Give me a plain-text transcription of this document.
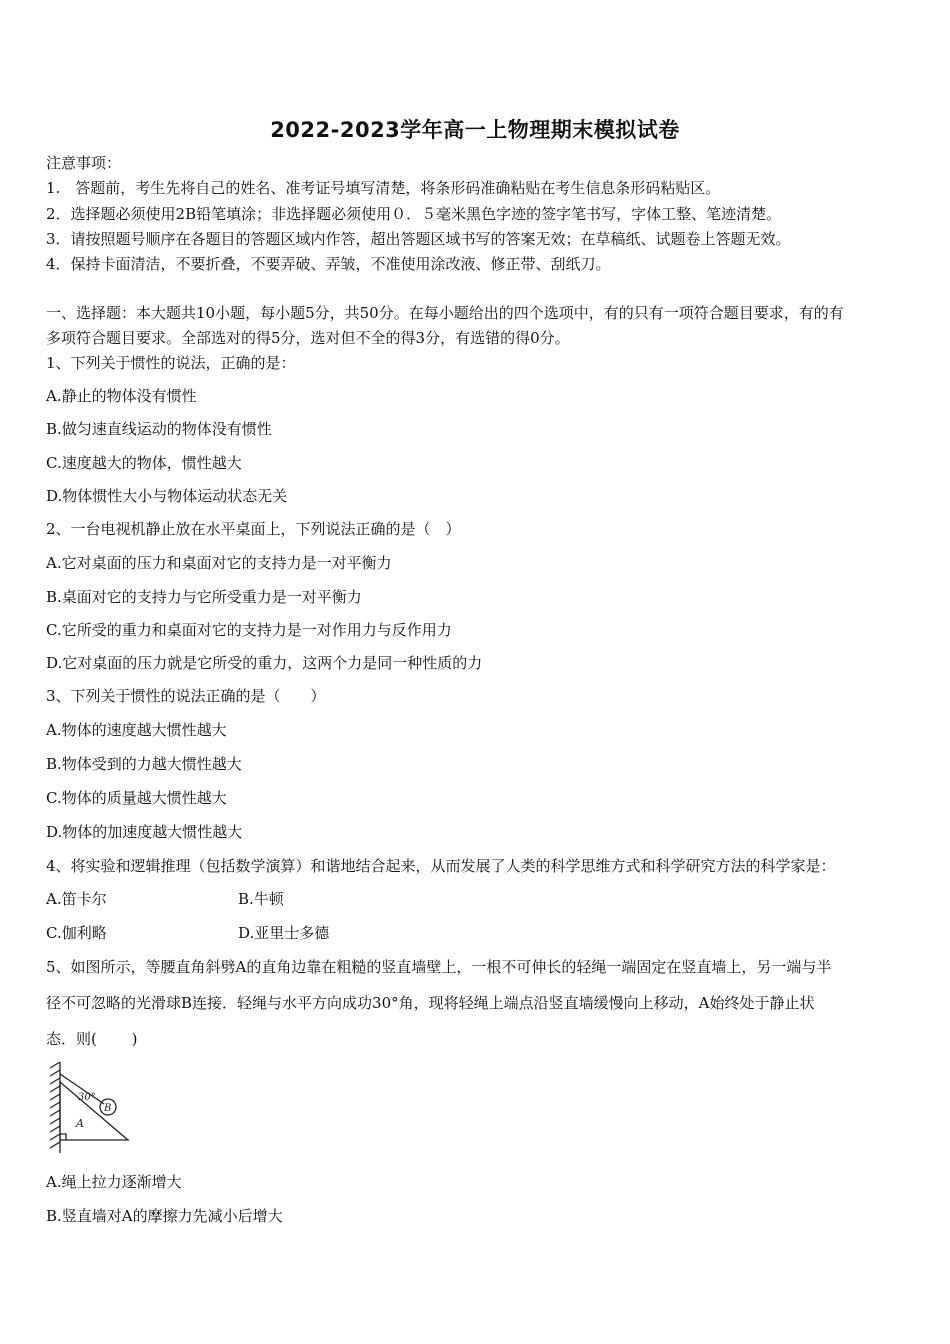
2022-2023学年高一上物理期末模拟试卷
注意事项：
1.　答题前，考生先将自己的姓名、准考证号填写清楚，将条形码准确粘贴在考生信息条形码粘贴区。
2．选择题必须使用2B铅笔填涂；非选择题必须使用０．５毫米黑色字迹的签字笔书写，字体工整、笔迹清楚。
3．请按照题号顺序在各题目的答题区域内作答，超出答题区域书写的答案无效；在草稿纸、试题卷上答题无效。
4．保持卡面清洁，不要折叠，不要弄破、弄皱，不准使用涂改液、修正带、刮纸刀。
一、选择题：本大题共10小题，每小题5分，共50分。在每小题给出的四个选项中，有的只有一项符合题目要求，有的有
多项符合题目要求。全部选对的得5分，选对但不全的得3分，有选错的得0分。
1、下列关于惯性的说法，正确的是：
A.静止的物体没有惯性
B.做匀速直线运动的物体没有惯性
C.速度越大的物体，惯性越大
D.物体惯性大小与物体运动状态无关
2、一台电视机静止放在水平桌面上，下列说法正确的是（　）
A.它对桌面的压力和桌面对它的支持力是一对平衡力
B.桌面对它的支持力与它所受重力是一对平衡力
C.它所受的重力和桌面对它的支持力是一对作用力与反作用力
D.它对桌面的压力就是它所受的重力，这两个力是同一种性质的力
3、下列关于惯性的说法正确的是（　　）
A.物体的速度越大惯性越大
B.物体受到的力越大惯性越大
C.物体的质量越大惯性越大
D.物体的加速度越大惯性越大
4、将实验和逻辑推理（包括数学演算）和谐地结合起来，从而发展了人类的科学思维方式和科学研究方法的科学家是：
A.笛卡尔	B.牛顿
C.伽利略	D.亚里士多德
5、如图所示，等腰直角斜劈A的直角边靠在粗糙的竖直墙壁上，一根不可伸长的轻绳一端固定在竖直墙上，另一端与半
径不可忽略的光滑球B连接．轻绳与水平方向成功30°角，现将轻绳上端点沿竖直墙缓慢向上移动，A始终处于静止状
态．则(　　 )
30°
B
A
A.绳上拉力逐渐增大
B.竖直墙对A的摩擦力先减小后增大
